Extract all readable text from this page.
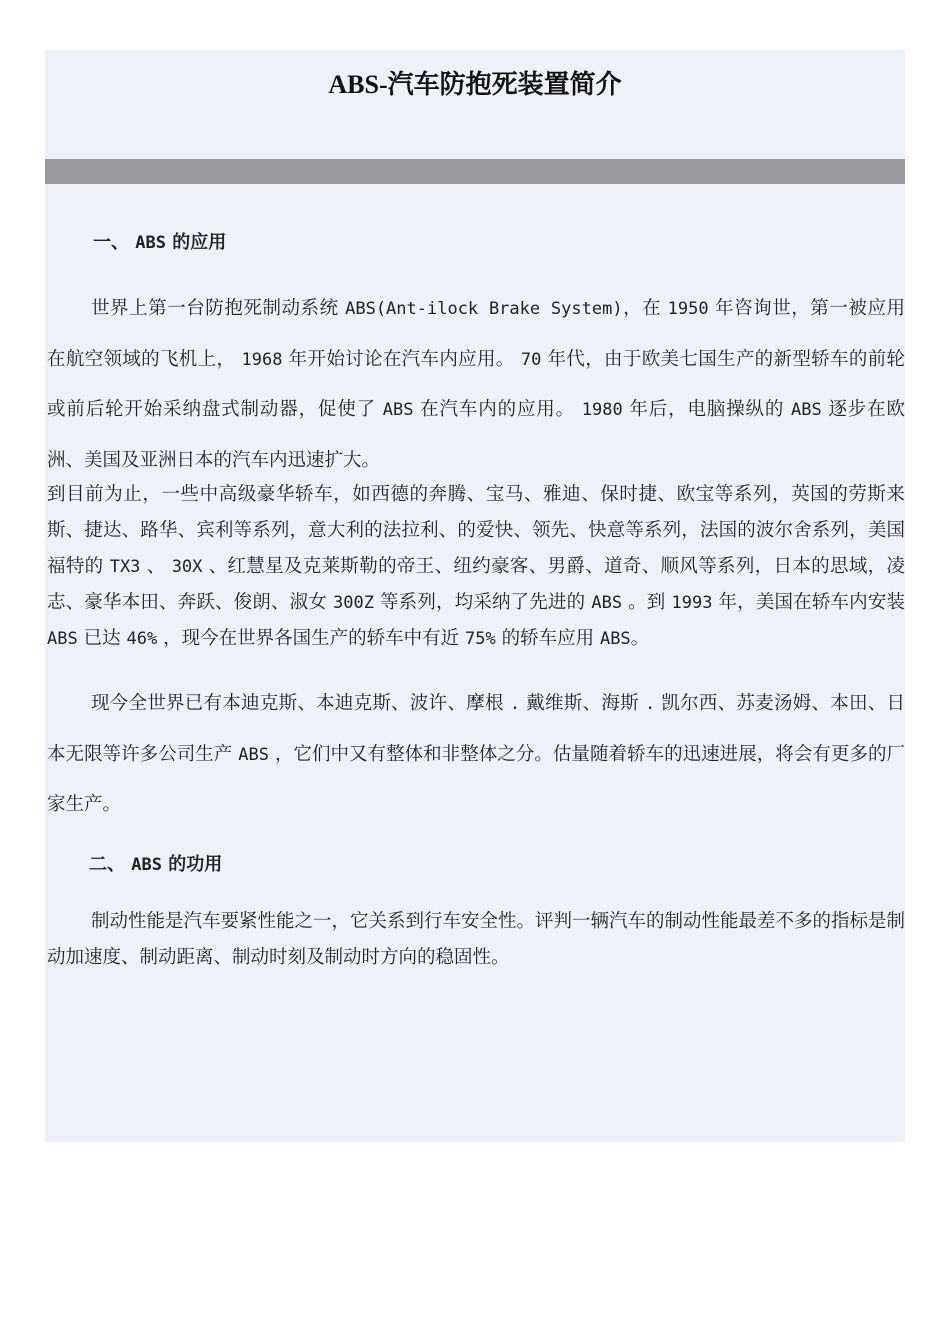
ABS-汽车防抱死装置简介
一、 ABS 的应用

世界上第一台防抱死制动系统 ABS(Ant-ilock Brake System)，在 1950 年咨询世，第一被应用在航空领域的飞机上， 1968 年开始讨论在汽车内应用。 70 年代，由于欧美七国生产的新型轿车的前轮或前后轮开始采纳盘式制动器，促使了 ABS 在汽车内的应用。 1980 年后，电脑操纵的 ABS 逐步在欧洲、美国及亚洲日本的汽车内迅速扩大。

到目前为止，一些中高级豪华轿车，如西德的奔腾、宝马、雅迪、保时捷、欧宝等系列，英国的劳斯来斯、捷达、路华、宾利等系列，意大利的法拉利、的爱快、领先、快意等系列，法国的波尔舍系列，美国福特的 TX3 、 30X 、红慧星及克莱斯勒的帝王、纽约豪客、男爵、道奇、顺风等系列，日本的思域，凌志、豪华本田、奔跃、俊朗、淑女 300Z 等系列，均采纳了先进的 ABS 。到 1993 年，美国在轿车内安装 ABS 已达 46% ，现今在世界各国生产的轿车中有近 75% 的轿车应用 ABS。

现今全世界已有本迪克斯、本迪克斯、波许、摩根 . 戴维斯、海斯 . 凯尔西、苏麦汤姆、本田、日本无限等许多公司生产 ABS ，它们中又有整体和非整体之分。估量随着轿车的迅速进展，将会有更多的厂家生产。

二、 ABS 的功用

制动性能是汽车要紧性能之一，它关系到行车安全性。评判一辆汽车的制动性能最差不多的指标是制动加速度、制动距离、制动时刻及制动时方向的稳固性。
